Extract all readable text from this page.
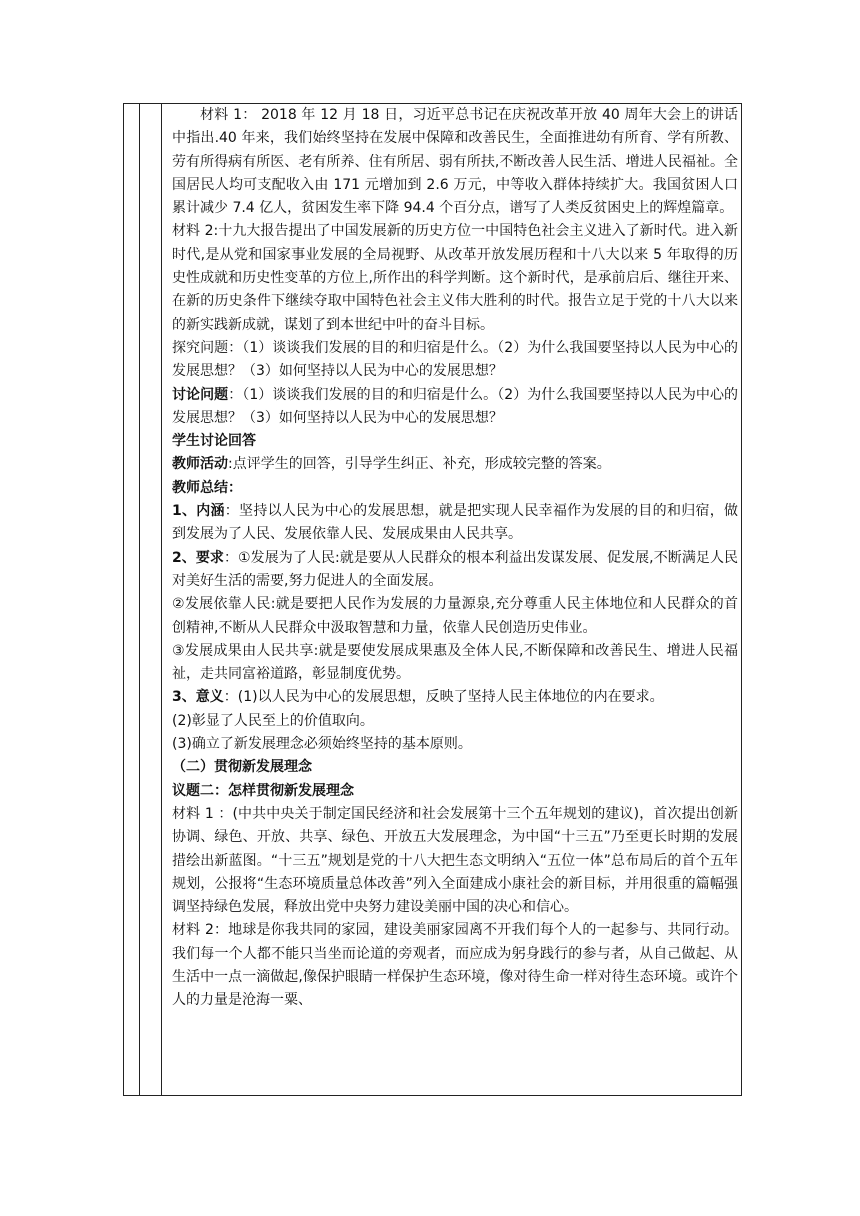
材料 1： 2018 年 12 月 18 日，习近平总书记在庆祝改革开放 40 周年大会上的讲话中指出.40 年来，我们始终坚持在发展中保障和改善民生，全面推进幼有所育、学有所教、劳有所得病有所医、老有所养、住有所居、弱有所扶,不断改善人民生活、增进人民福祉。全国居民人均可支配收入由 171 元增加到 2.6 万元，中等收入群体持续扩大。我国贫困人口累计减少 7.4 亿人，贫困发生率下降 94.4 个百分点，谱写了人类反贫困史上的辉煌篇章。

材料 2:十九大报告提出了中国发展新的历史方位一中国特色社会主义进入了新时代。进入新时代,是从党和国家事业发展的全局视野、从改革开放发展历程和十八大以来 5 年取得的历史性成就和历史性变革的方位上,所作出的科学判断。这个新时代，是承前启后、继往开来、在新的历史条件下继续夺取中国特色社会主义伟大胜利的时代。报告立足于党的十八大以来的新实践新成就，谋划了到本世纪中叶的奋斗目标。

探究问题：（1）谈谈我们发展的目的和归宿是什么。（2）为什么我国要坚持以人民为中心的发展思想？（3）如何坚持以人民为中心的发展思想？

讨论问题：（1）谈谈我们发展的目的和归宿是什么。（2）为什么我国要坚持以人民为中心的发展思想？（3）如何坚持以人民为中心的发展思想？

学生讨论回答

教师活动:点评学生的回答，引导学生纠正、补充，形成较完整的答案。

教师总结：

1、内涵：坚持以人民为中心的发展思想，就是把实现人民幸福作为发展的目的和归宿，做到发展为了人民、发展依靠人民、发展成果由人民共享。

2、要求：①发展为了人民:就是要从人民群众的根本利益出发谋发展、促发展,不断满足人民对美好生活的需要,努力促进人的全面发展。

②发展依靠人民:就是要把人民作为发展的力量源泉,充分尊重人民主体地位和人民群众的首创精神,不断从人民群众中汲取智慧和力量，依靠人民创造历史伟业。

③发展成果由人民共享:就是要使发展成果惠及全体人民,不断保障和改善民生、增进人民福祉，走共同富裕道路，彰显制度优势。

3、意义：(1)以人民为中心的发展思想，反映了坚持人民主体地位的内在要求。

(2)彰显了人民至上的价值取向。

(3)确立了新发展理念必须始终坚持的基本原则。

（二）贯彻新发展理念

议题二：怎样贯彻新发展理念

材料 1 ：(中共中央关于制定国民经济和社会发展第十三个五年规划的建议)，首次提出创新协调、绿色、开放、共享、绿色、开放五大发展理念，为中国“十三五”乃至更长时期的发展措绘出新蓝图。“十三五”规划是党的十八大把生态文明纳入“五位一体”总布局后的首个五年规划，公报将“生态环境质量总体改善”列入全面建成小康社会的新目标，并用很重的篇幅强调坚持绿色发展，释放出党中央努力建设美丽中国的决心和信心。

材料 2：地球是你我共同的家园，建设美丽家园离不开我们每个人的一起参与、共同行动。我们每一个人都不能只当坐而论道的旁观者，而应成为躬身践行的参与者，从自己做起、从生活中一点一滴做起,像保护眼睛一样保护生态环境，像对待生命一样对待生态环境。或许个人的力量是沧海一粟、
